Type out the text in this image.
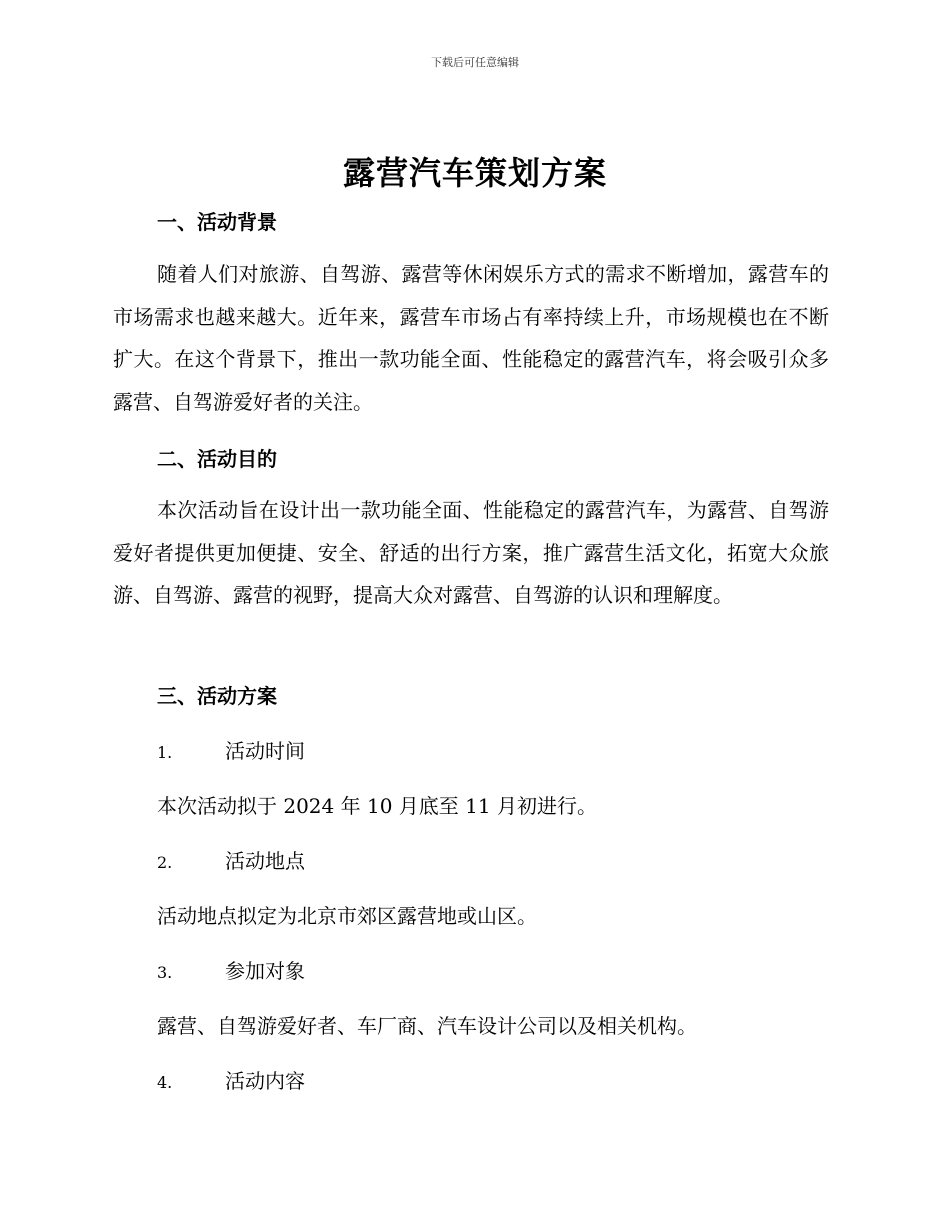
下载后可任意编辑
露营汽车策划方案
一、活动背景

随着人们对旅游、自驾游、露营等休闲娱乐方式的需求不断增加，露营车的市场需求也越来越大。近年来，露营车市场占有率持续上升，市场规模也在不断扩大。在这个背景下，推出一款功能全面、性能稳定的露营汽车，将会吸引众多露营、自驾游爱好者的关注。

二、活动目的

本次活动旨在设计出一款功能全面、性能稳定的露营汽车，为露营、自驾游爱好者提供更加便捷、安全、舒适的出行方案，推广露营生活文化，拓宽大众旅游、自驾游、露营的视野，提高大众对露营、自驾游的认识和理解度。

三、活动方案
1.	活动时间

本次活动拟于 2024 年 10 月底至 11 月初进行。

2.	活动地点

活动地点拟定为北京市郊区露营地或山区。

3.	参加对象

露营、自驾游爱好者、车厂商、汽车设计公司以及相关机构。

4.	活动内容
